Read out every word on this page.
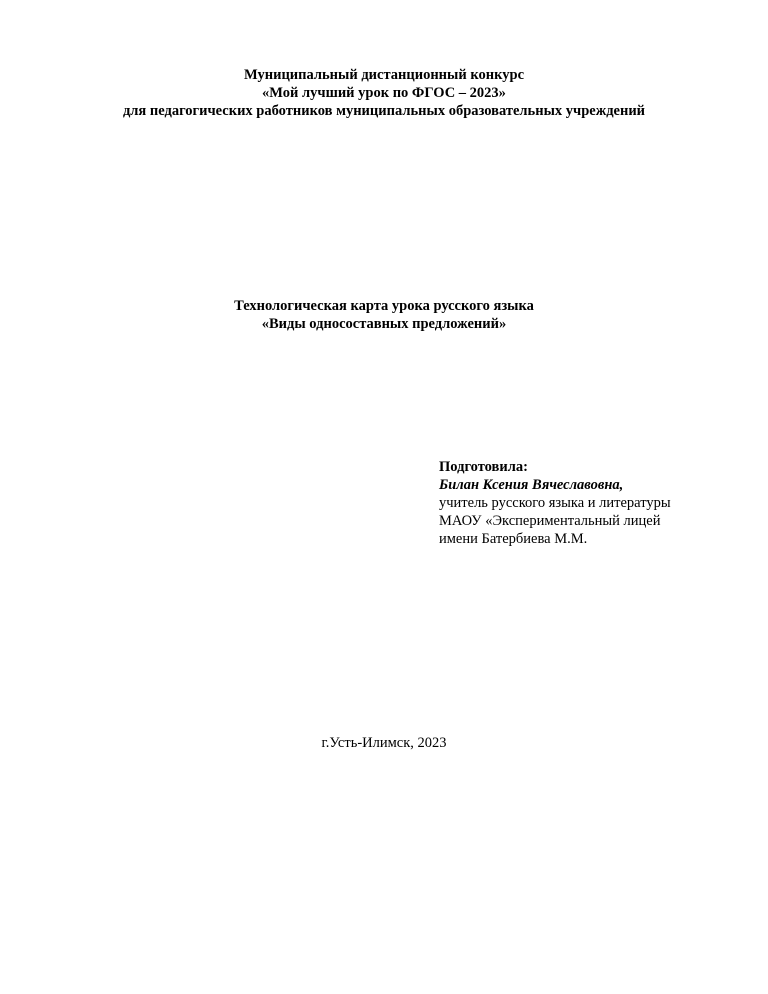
Муниципальный дистанционный конкурс

«Мой лучший урок по ФГОС – 2023»

для педагогических работников муниципальных образовательных учреждений

Технологическая карта урока русского языка

«Виды односоставных предложений»

Подготовила:
Билан Ксения Вячеславовна,
учитель русского языка и литературы
МАОУ «Экспериментальный лицей
имени Батербиева М.М.

г.Усть-Илимск, 2023
